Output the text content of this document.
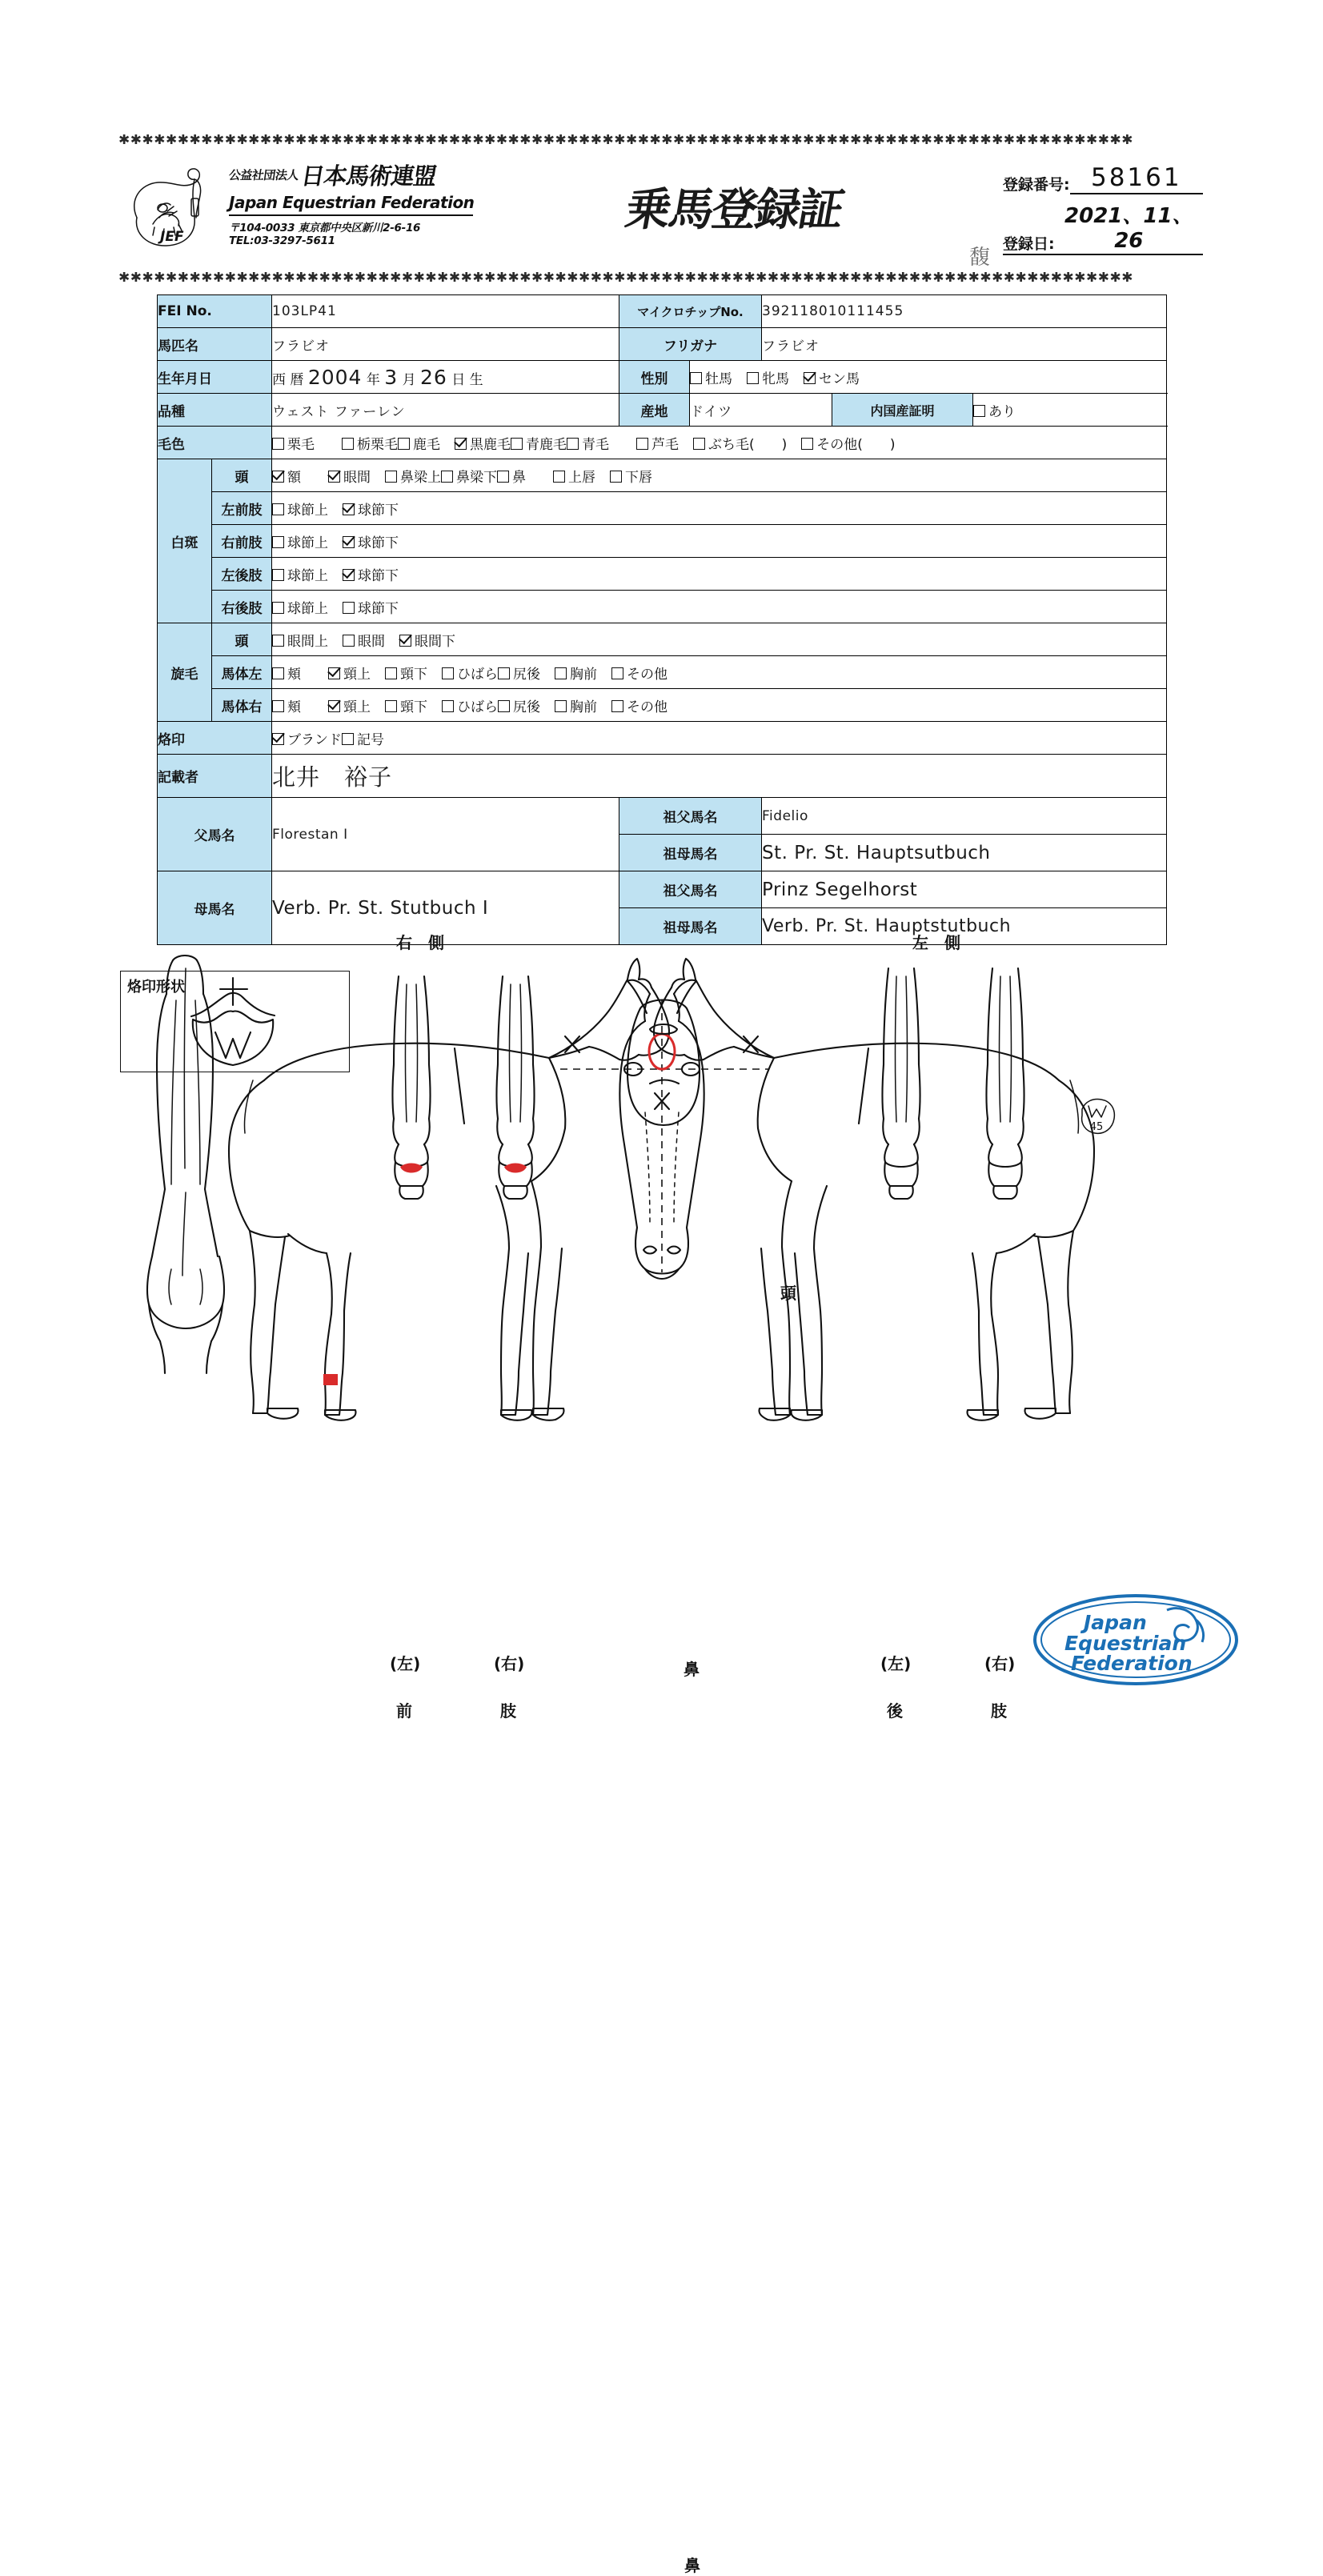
✱✱✱✱✱✱✱✱✱✱✱✱✱✱✱✱✱✱✱✱✱✱✱✱✱✱✱✱✱✱✱✱✱✱✱✱✱✱✱✱✱✱✱✱✱✱✱✱✱✱✱✱✱✱✱✱✱✱✱✱✱✱✱✱✱✱✱✱✱✱✱✱✱✱✱✱✱✱✱✱✱✱✱✱✱✱
✱✱✱✱✱✱✱✱✱✱✱✱✱✱✱✱✱✱✱✱✱✱✱✱✱✱✱✱✱✱✱✱✱✱✱✱✱✱✱✱✱✱✱✱✱✱✱✱✱✱✱✱✱✱✱✱✱✱✱✱✱✱✱✱✱✱✱✱✱✱✱✱✱✱✱✱✱✱✱✱✱✱✱✱✱✱
JEF
公益社団法人日本馬術連盟
Japan Equestrian Federation
〒104-0033 東京都中央区新川2-6-16
TEL:03-3297-5611
乗馬登録証	登録番号: 58161
馥
登録日:
2021、11、26
FEI No.		103LP41	マイクロチップNo.		392118010111455		
馬匹名		フラビオ	フリガナ		フラビオ		
生年月日		西 暦 2004 年 3 月 26 日 生	性別	牡馬 牝馬 セン馬			
品種		ウェスト ファーレン	産地	ドイツ		内国産証明	あり
毛色		栗毛 栃栗毛 鹿毛 黒鹿毛 青鹿毛 青毛 芦毛 ぶち毛( ) その他( )					
白斑	頭	額 眼間 鼻梁上 鼻梁下 鼻 上唇 下唇					
	左前肢	球節上 球節下					
	右前肢	球節上 球節下					
	左後肢	球節上 球節下					
	右後肢	球節上 球節下					
旋毛	頭	眼間上 眼間 眼間下					
	馬体左	頬 頸上 頸下 ひばら 尻後 胸前 その他					
	馬体右	頬 頸上 頸下 ひばら 尻後 胸前 その他					
烙印		ブランド 記号					
記載者		北井　裕子					
父馬名		Florestan I	祖父馬名		Fidelio		
			祖母馬名		St. Pr. St. Hauptsutbuch		
母馬名		Verb. Pr. St. Stutbuch I	祖父馬名		Prinz Segelhorst		
			祖母馬名		Verb. Pr. St. Hauptstutbuch		
烙印形状
45
右　側	左　側
頭
鼻
鼻
(左)	(右)
前	肢
(左)	(右)
後	肢
Japan
Equestrian
Federation
